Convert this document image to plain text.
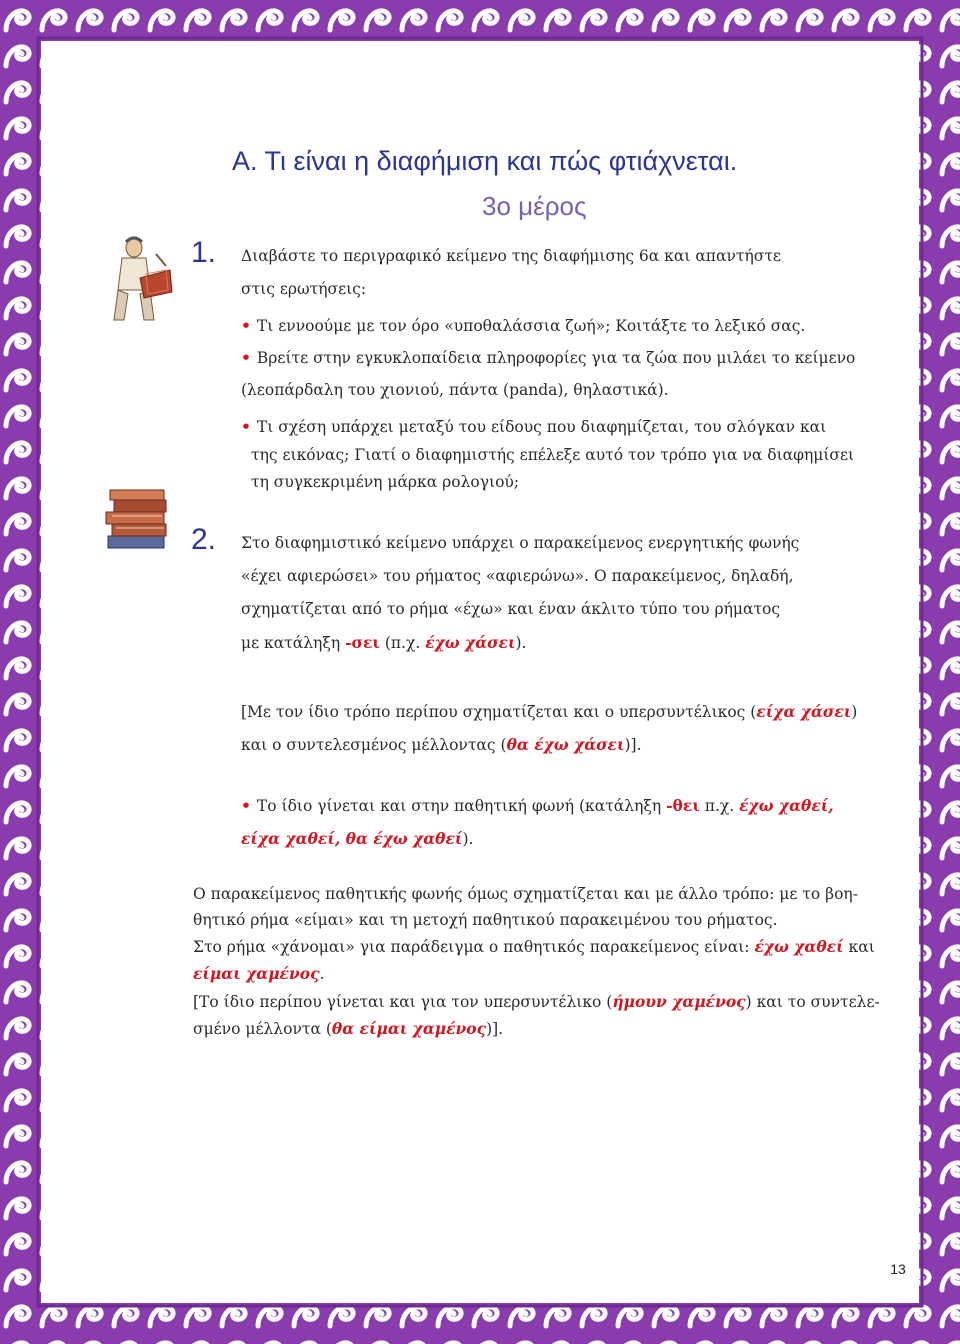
Α. Τι είναι η διαφήμιση και πώς φτιάχνεται.
3ο μέρος
1. Διαβάστε το περιγραφικό κείμενο της διαφήμισης 6α και απαντήστε
στις ερωτήσεις:
• Τι εννοούμε με τον όρο «υποθαλάσσια ζωή»; Κοιτάξτε το λεξικό σας.
• Βρείτε στην εγκυκλοπαίδεια πληροφορίες για τα ζώα που μιλάει το κείμενο
(λεοπάρδαλη του χιονιού, πάντα (panda), θηλαστικά).
• Τι σχέση υπάρχει μεταξύ του είδους που διαφημίζεται, του σλόγκαν και
της εικόνας; Γιατί ο διαφημιστής επέλεξε αυτό τον τρόπο για να διαφημίσει
τη συγκεκριμένη μάρκα ρολογιού;
2. Στο διαφημιστικό κείμενο υπάρχει ο παρακείμενος ενεργητικής φωνής
«έχει αφιερώσει» του ρήματος «αφιερώνω». Ο παρακείμενος, δηλαδή,
σχηματίζεται από το ρήμα «έχω» και έναν άκλιτο τύπο του ρήματος
με κατάληξη -σει (π.χ. έχω χάσει).
[Με τον ίδιο τρόπο περίπου σχηματίζεται και ο υπερσυντέλικος (είχα χάσει)
και ο συντελεσμένος μέλλοντας (θα έχω χάσει)].
• Το ίδιο γίνεται και στην παθητική φωνή (κατάληξη -θει π.χ. έχω χαθεί,
είχα χαθεί, θα έχω χαθεί).
Ο παρακείμενος παθητικής φωνής όμως σχηματίζεται και με άλλο τρόπο: με το βοη-
θητικό ρήμα «είμαι» και τη μετοχή παθητικού παρακειμένου του ρήματος.
Στο ρήμα «χάνομαι» για παράδειγμα ο παθητικός παρακείμενος είναι: έχω χαθεί και
είμαι χαμένος.
[Το ίδιο περίπου γίνεται και για τον υπερσυντέλικο (ήμουν χαμένος) και το συντελε-
σμένο μέλλοντα (θα είμαι χαμένος)].
13
